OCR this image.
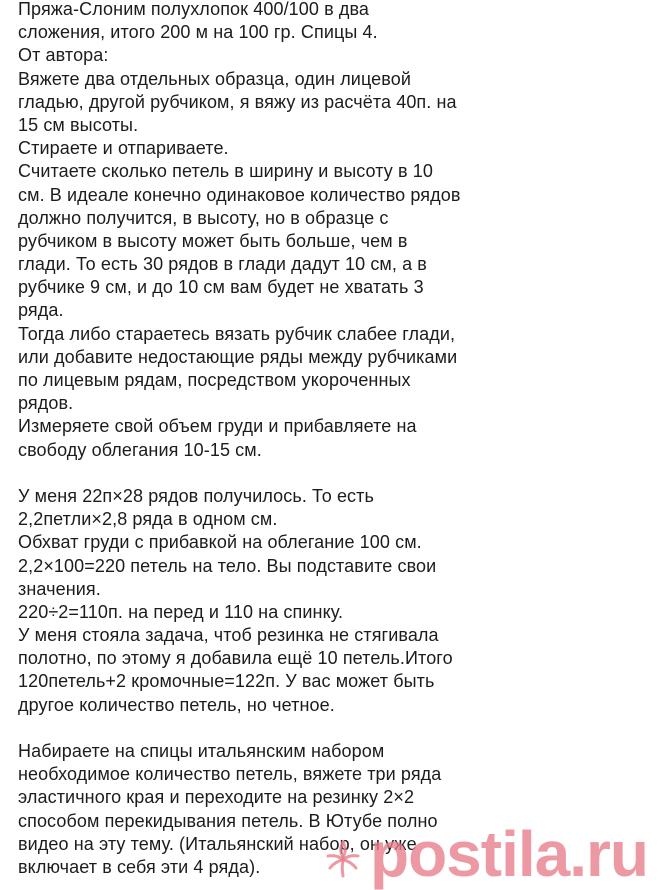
Пряжа-Слоним полухлопок 400/100 в два
сложения, итого 200 м на 100 гр. Спицы 4.
От автора:
Вяжете два отдельных образца, один лицевой
гладью, другой рубчиком, я вяжу из расчёта 40п. на
15 см высоты.
Стираете и отпариваете.
Считаете сколько петель в ширину и высоту в 10
см. В идеале конечно одинаковое количество рядов
должно получится, в высоту, но в образце с
рубчиком в высоту может быть больше, чем в
глади. То есть 30 рядов в глади дадут 10 см, а в
рубчике 9 см, и до 10 см вам будет не хватать 3
ряда.
Тогда либо стараетесь вязать рубчик слабее глади,
или добавите недостающие ряды между рубчиками
по лицевым рядам, посредством укороченных
рядов.
Измеряете свой объем груди и прибавляете на
свободу облегания 10-15 см.
У меня 22п×28 рядов получилось. То есть
2,2петли×2,8 ряда в одном см.
Обхват груди с прибавкой на облегание 100 см.
2,2×100=220 петель на тело. Вы подставите свои
значения.
220÷2=110п. на перед и 110 на спинку.
У меня стояла задача, чтоб резинка не стягивала
полотно, по этому я добавила ещё 10 петель.Итого
120петель+2 кромочные=122п. У вас может быть
другое количество петель, но четное.
Набираете на спицы итальянским набором
необходимое количество петель, вяжете три ряда
эластичного края и переходите на резинку 2×2
способом перекидывания петель. В Ютубе полно
видео на эту тему. (Итальянский набор, он уже
включает в себя эти 4 ряда).	postila.ru
